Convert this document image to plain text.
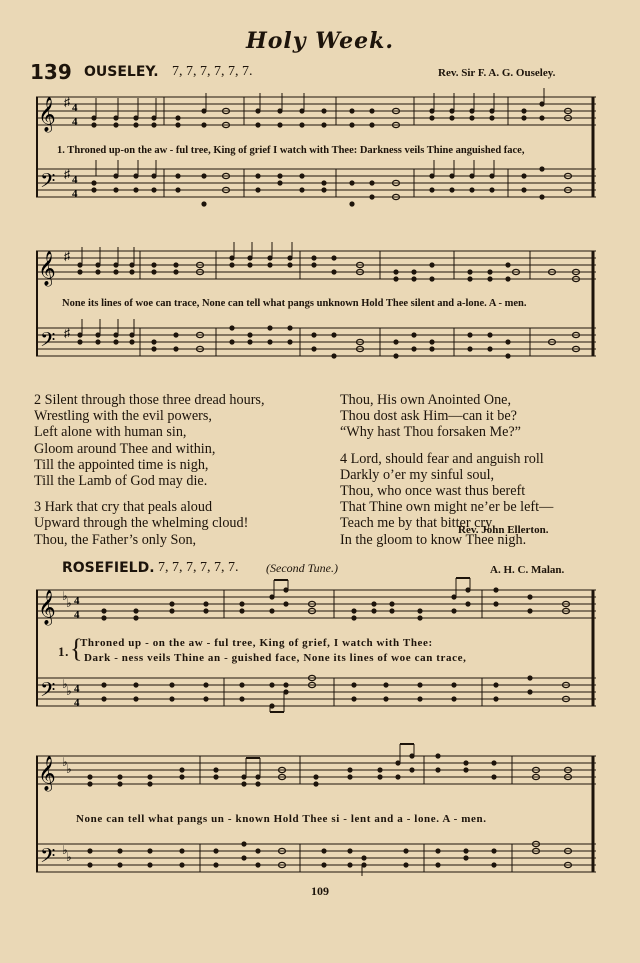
Holy Week.
139 OUSELEY. 7, 7, 7, 7, 7, 7.	Rev. Sir F. A. G. Ouseley.
𝄞
𝄢
♯
♯
4
4
4
4
1. Throned up-on the aw - ful tree, King of grief I watch with Thee: Darkness veils Thine anguished face,
𝄞
𝄢
♯
♯
None its lines of woe can trace, None can tell what pangs unknown Hold Thee silent and a-lone. A - men.
2 Silent through those three dread hours,
Wrestling with the evil powers,
Left alone with human sin,
Gloom around Thee and within,
Till the appointed time is nigh,
Till the Lamb of God may die.
3 Hark that cry that peals aloud
Upward through the whelming cloud!
Thou, the Father’s only Son,
Thou, His own Anointed One,
Thou dost ask Him—can it be?
“Why hast Thou forsaken Me?”
4 Lord, should fear and anguish roll
Darkly o’er my sinful soul,
Thou, who once wast thus bereft
That Thine own might ne’er be left—
Teach me by that bitter cry
In the gloom to know Thee nigh.
Rev. John Ellerton.
ROSEFIELD. 7, 7, 7, 7, 7, 7. (Second Tune.)	A. H. C. Malan.
𝄞
𝄢
♭
♭
♭
♭
4
4
4
4
1. {
Throned up - on the aw - ful tree, King of grief, I watch with Thee:
Dark - ness veils Thine an - guished face, None its lines of woe can trace,
𝄞
𝄢
♭
♭
♭
♭
None can tell what pangs un - known Hold Thee si - lent and a - lone. A - men.
109
